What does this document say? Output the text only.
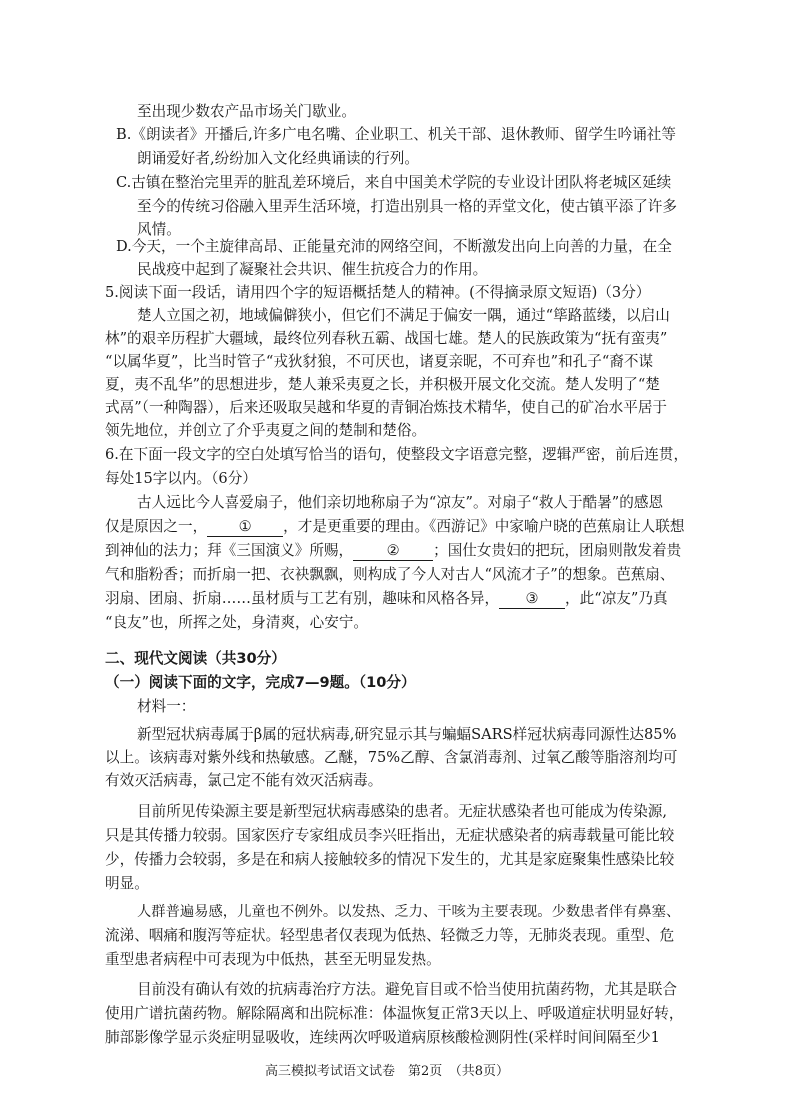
至出现少数农产品市场关门歇业。
B.《朗读者》开播后,许多广电名嘴、企业职工、机关干部、退休教师、留学生吟诵社等
朗诵爱好者,纷纷加入文化经典诵读的行列。
C.古镇在整治完里弄的脏乱差环境后，来自中国美术学院的专业设计团队将老城区延续
至今的传统习俗融入里弄生活环境，打造出别具一格的弄堂文化，使古镇平添了许多
风情。
D.今天，一个主旋律高昂、正能量充沛的网络空间，不断激发出向上向善的力量，在全
民战疫中起到了凝聚社会共识、催生抗疫合力的作用。
5.阅读下面一段话，请用四个字的短语概括楚人的精神。(不得摘录原文短语)（3分）
楚人立国之初，地域偏僻狭小，但它们不满足于偏安一隅，通过“筚路蓝缕，以启山
林”的艰辛历程扩大疆域，最终位列春秋五霸、战国七雄。楚人的民族政策为“抚有蛮夷”
“以属华夏”，比当时管子“戎狄豺狼，不可厌也，诸夏亲昵，不可弃也”和孔子“裔不谋
夏，夷不乱华”的思想进步，楚人兼采夷夏之长，并积极开展文化交流。楚人发明了“楚
式鬲”（一种陶器），后来还吸取吴越和华夏的青铜冶炼技术精华，使自己的矿冶水平居于
领先地位，并创立了介乎夷夏之间的楚制和楚俗。
6.在下面一段文字的空白处填写恰当的语句，使整段文字语意完整，逻辑严密，前后连贯，
每处15字以内。（6分）
古人远比今人喜爱扇子，他们亲切地称扇子为“凉友”。对扇子“救人于酷暑”的感恩
仅是原因之一， ① ，才是更重要的理由。《西游记》中家喻户晓的芭蕉扇让人联想
到神仙的法力；拜《三国演义》所赐， ② ；国仕女贵妇的把玩，团扇则散发着贵
气和脂粉香；而折扇一把、衣袂飘飘，则构成了今人对古人“风流才子”的想象。芭蕉扇、
羽扇、团扇、折扇……虽材质与工艺有别，趣味和风格各异， ③ ，此“凉友”乃真
“良友”也，所挥之处，身清爽，心安宁。
二、现代文阅读（共30分）
（一）阅读下面的文字，完成7—9题。（10分）
材料一：
新型冠状病毒属于β属的冠状病毒,研究显示其与蝙蝠SARS样冠状病毒同源性达85%
以上。该病毒对紫外线和热敏感。乙醚，75%乙醇、含氯消毒剂、过氧乙酸等脂溶剂均可
有效灭活病毒，氯己定不能有效灭活病毒。
目前所见传染源主要是新型冠状病毒感染的患者。无症状感染者也可能成为传染源,
只是其传播力较弱。国家医疗专家组成员李兴旺指出，无症状感染者的病毒载量可能比较
少，传播力会较弱，多是在和病人接触较多的情况下发生的，尤其是家庭聚集性感染比较
明显。
人群普遍易感，儿童也不例外。以发热、乏力、干咳为主要表现。少数患者伴有鼻塞、
流涕、咽痛和腹泻等症状。轻型患者仅表现为低热、轻微乏力等，无肺炎表现。重型、危
重型患者病程中可表现为中低热，甚至无明显发热。
目前没有确认有效的抗病毒治疗方法。避免盲目或不恰当使用抗菌药物，尤其是联合
使用广谱抗菌药物。解除隔离和出院标准：体温恢复正常3天以上、呼吸道症状明显好转，
肺部影像学显示炎症明显吸收，连续两次呼吸道病原核酸检测阴性(采样时间间隔至少1
高三模拟考试语文试卷　第2页　（共8页）
